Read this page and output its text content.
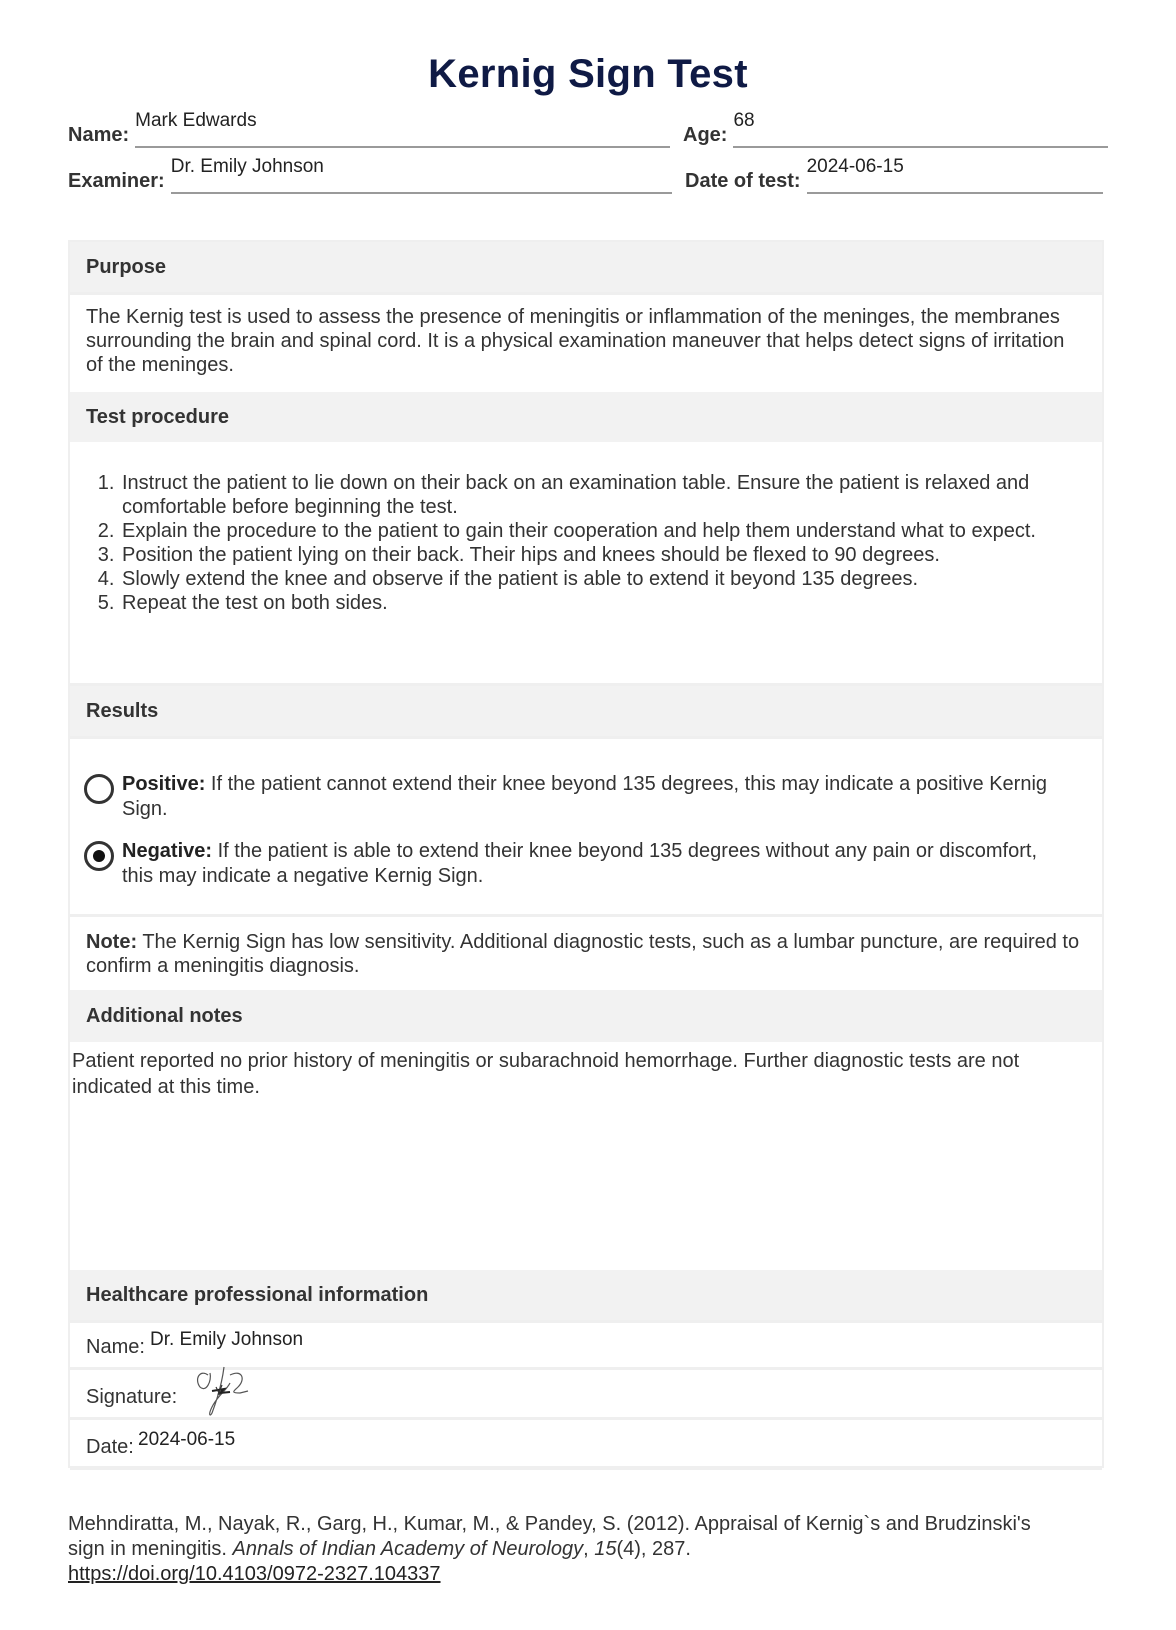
Kernig Sign Test
Name:
Mark Edwards
Age:
68
Examiner:
Dr. Emily Johnson
Date of test:
2024-06-15
Purpose
The Kernig test is used to assess the presence of meningitis or inflammation of the meninges, the membranes surrounding the brain and spinal cord. It is a physical examination maneuver that helps detect signs of irritation of the meninges.
Test procedure
1. Instruct the patient to lie down on their back on an examination table. Ensure the patient is relaxed and comfortable before beginning the test.
2. Explain the procedure to the patient to gain their cooperation and help them understand what to expect.
3. Position the patient lying on their back. Their hips and knees should be flexed to 90 degrees.
4. Slowly extend the knee and observe if the patient is able to extend it beyond 135 degrees.
5. Repeat the test on both sides.
Results
Positive: If the patient cannot extend their knee beyond 135 degrees, this may indicate a positive Kernig Sign.
Negative: If the patient is able to extend their knee beyond 135 degrees without any pain or discomfort, this may indicate a negative Kernig Sign.
Note: The Kernig Sign has low sensitivity. Additional diagnostic tests, such as a lumbar puncture, are required to confirm a meningitis diagnosis.
Additional notes
Patient reported no prior history of meningitis or subarachnoid hemorrhage. Further diagnostic tests are not indicated at this time.
Healthcare professional information
Name: Dr. Emily Johnson
Signature:
Date: 2024-06-15
Mehndiratta, M., Nayak, R., Garg, H., Kumar, M., & Pandey, S. (2012). Appraisal of Kernig`s and Brudzinski's sign in meningitis. Annals of Indian Academy of Neurology, 15(4), 287.
https://doi.org/10.4103/0972-2327.104337
